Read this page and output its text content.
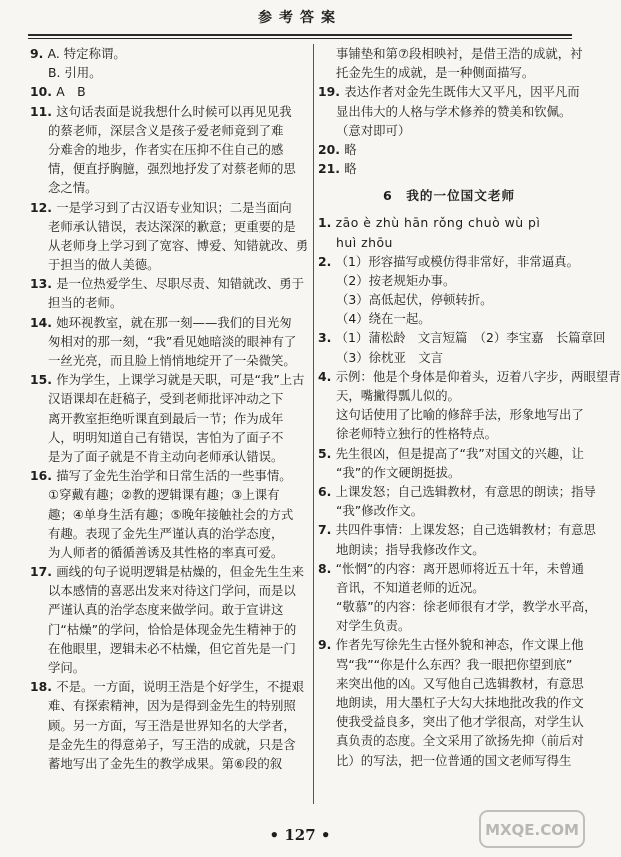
参考答案
9. A. 特定称谓。
B. 引用。
10. A　B
11. 这句话表面是说我想什么时候可以再见见我
的蔡老师，深层含义是孩子爱老师竟到了难
分难舍的地步，作者实在压抑不住自己的感
情，便直抒胸臆，强烈地抒发了对蔡老师的思
念之情。
12. 一是学习到了古汉语专业知识；二是当面向
老师承认错误，表达深深的歉意；更重要的是
从老师身上学习到了宽容、博爱、知错就改、勇
于担当的做人美德。
13. 是一位热爱学生、尽职尽责、知错就改、勇于
担当的老师。
14. 她环视教室，就在那一刻——我们的目光匆
匆相对的那一刻，“我”看见她暗淡的眼神有了
一丝光亮，而且脸上悄悄地绽开了一朵微笑。
15. 作为学生，上课学习就是天职，可是“我”上古
汉语课却在赶稿子，受到老师批评冲动之下
离开教室拒绝听课直到最后一节；作为成年
人，明明知道自己有错误，害怕为了面子不
是为了面子就是不肯主动向老师承认错误。
16. 描写了金先生治学和日常生活的一些事情。
①穿戴有趣；②教的逻辑课有趣；③上课有
趣；④单身生活有趣；⑤晚年接触社会的方式
有趣。表现了金先生严谨认真的治学态度，
为人师者的循循善诱及其性格的率真可爱。
17. 画线的句子说明逻辑是枯燥的，但金先生生来
以本感情的喜恶出发来对待这门学问，而是以
严谨认真的治学态度来做学问。敢于宣讲这
门“枯燥”的学问，恰恰是体现金先生精神于的
在他眼里，逻辑未必不枯燥，但它首先是一门
学问。
18. 不是。一方面，说明王浩是个好学生，不提艰
难、有探索精神，因为是得到金先生的特别照
顾。另一方面，写王浩是世界知名的大学者，
是金先生的得意弟子，写王浩的成就，只是含
蓄地写出了金先生的教学成果。第⑥段的叙
事铺垫和第⑦段相映衬，是借王浩的成就，衬
托金先生的成就，是一种侧面描写。
19. 表达作者对金先生既伟大又平凡，因平凡而
显出伟大的人格与学术修养的赞美和钦佩。
（意对即可）
20. 略
21. 略
6　我的一位国文老师
1. zāo è zhù hān rǒng chuò wù pì
huì zhōu
2. （1）形容描写或模仿得非常好，非常逼真。
（2）按老规矩办事。
（3）高低起伏，停顿转折。
（4）绕在一起。
3. （1）蒲松龄　文言短篇　（2）李宝嘉　长篇章回
（3）徐枕亚　文言
4. 示例：他是个身体是仰着头，迈着八字步，两眼望青
天，嘴撇得瓢儿似的。
这句话使用了比喻的修辞手法，形象地写出了
徐老师特立独行的性格特点。
5. 先生很凶，但是提高了“我”对国文的兴趣，让
“我”的作文硬朗挺拔。
6. 上课发怒；自己选辑教材，有意思的朗读；指导
“我”修改作文。
7. 共四件事情：上课发怒；自己选辑教材；有意思
地朗读；指导我修改作文。
8. “怅惘”的内容：离开恩师将近五十年，未曾通
音讯，不知道老师的近况。
“敬慕”的内容：徐老师很有才学，教学水平高，
对学生负责。
9. 作者先写徐先生古怪外貌和神态，作文课上他
骂“我”“你是什么东西？我一眼把你望到底”
来突出他的凶。又写他自己选辑教材，有意思
地朗读，用大墨杠子大勾大抹地批改我的作文
使我受益良多，突出了他才学很高，对学生认
真负责的态度。全文采用了欲扬先抑（前后对
比）的写法，把一位普通的国文老师写得生
• 127 •	MXQE.COM
